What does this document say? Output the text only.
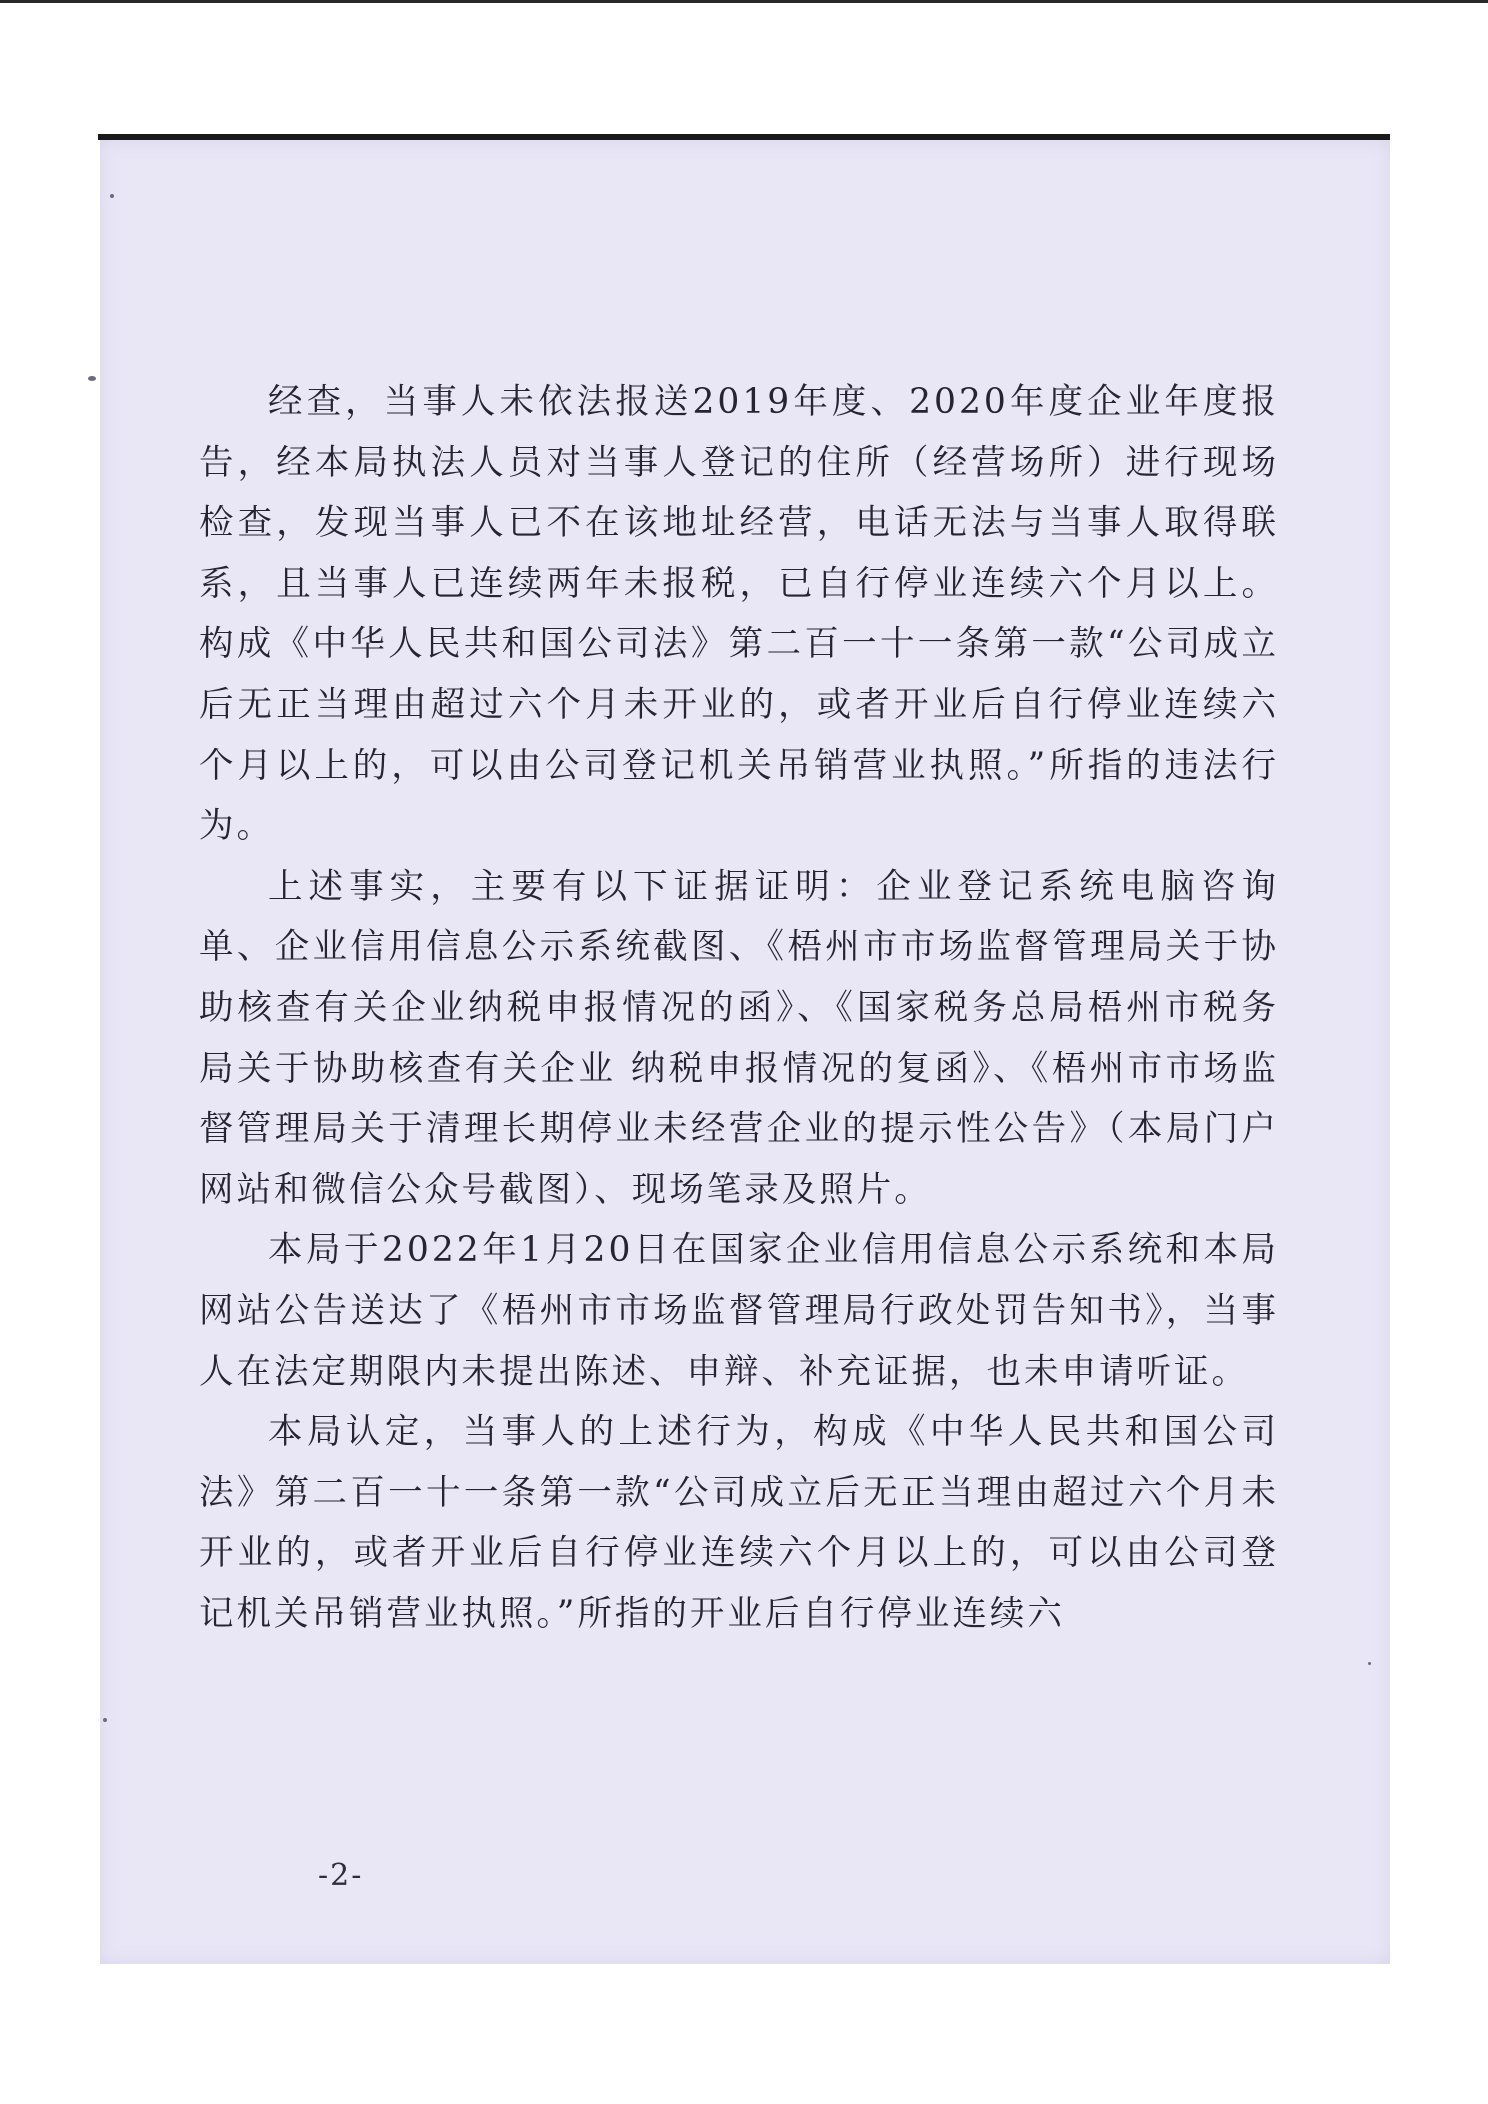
经查，当事人未依法报送2019年度、2020年度企业年度报告，经本局执法人员对当事人登记的住所（经营场所）进行现场检查，发现当事人已不在该地址经营，电话无法与当事人取得联系，且当事人已连续两年未报税，已自行停业连续六个月以上。构成《中华人民共和国公司法》第二百一十一条第一款“公司成立后无正当理由超过六个月未开业的，或者开业后自行停业连续六个月以上的，可以由公司登记机关吊销营业执照。”所指的违法行为。

上述事实，主要有以下证据证明：企业登记系统电脑咨询单、企业信用信息公示系统截图、《梧州市市场监督管理局关于协助核查有关企业纳税申报情况的函》、《国家税务总局梧州市税务局关于协助核查有关企业 纳税申报情况的复函》、《梧州市市场监督管理局关于清理长期停业未经营企业的提示性公告》（本局门户网站和微信公众号截图）、现场笔录及照片。

本局于2022年1月20日在国家企业信用信息公示系统和本局网站公告送达了《梧州市市场监督管理局行政处罚告知书》，当事人在法定期限内未提出陈述、申辩、补充证据，也未申请听证。

本局认定，当事人的上述行为，构成《中华人民共和国公司法》第二百一十一条第一款“公司成立后无正当理由超过六个月未开业的，或者开业后自行停业连续六个月以上的，可以由公司登记机关吊销营业执照。”所指的开业后自行停业连续六

-2-
